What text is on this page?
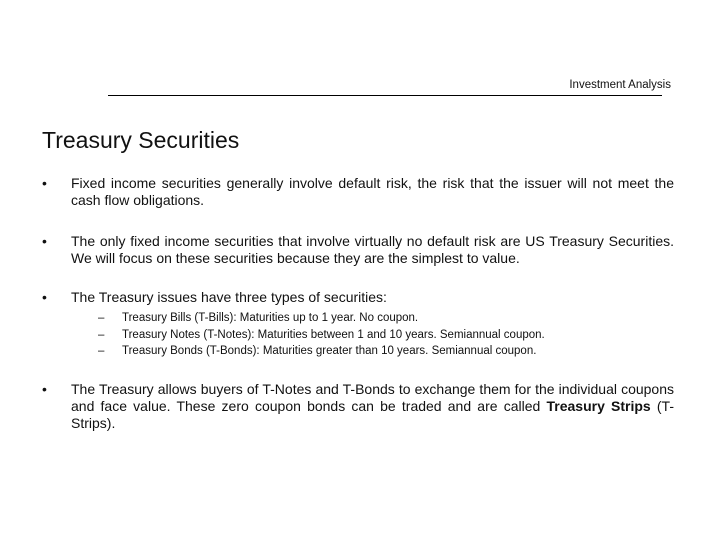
Investment Analysis
Treasury Securities
•	Fixed income securities generally involve default risk, the risk that the issuer will not meet the cash flow obligations.
•	The only fixed income securities that involve virtually no default risk are US Treasury Securities. We will focus on these securities because they are the simplest to value.
•	The Treasury issues have three types of securities:
– Treasury Bills (T-Bills): Maturities up to 1 year. No coupon.
– Treasury Notes (T-Notes): Maturities between 1 and 10 years. Semiannual coupon.
– Treasury Bonds (T-Bonds): Maturities greater than 10 years. Semiannual coupon.
•	The Treasury allows buyers of T-Notes and T-Bonds to exchange them for the individual coupons and face value. These zero coupon bonds can be traded and are called Treasury Strips (T-Strips).
